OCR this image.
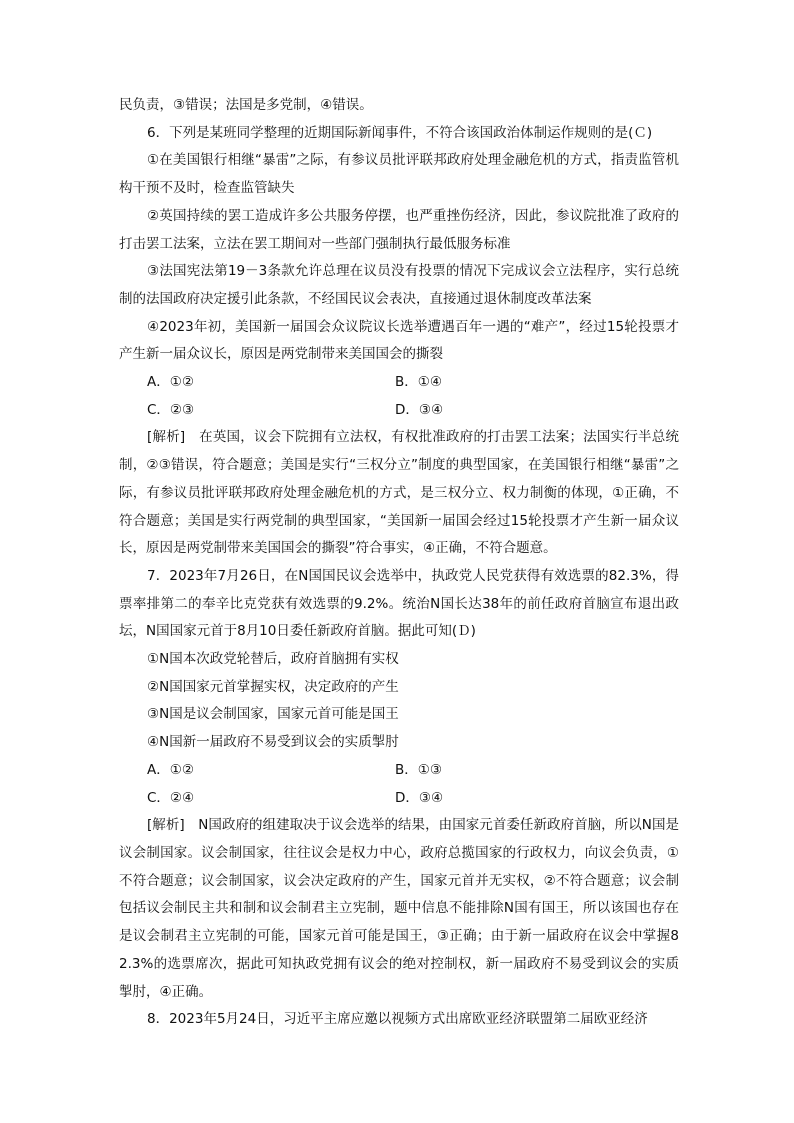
民负责，③错误；法国是多党制，④错误。

6．下列是某班同学整理的近期国际新闻事件，不符合该国政治体制运作规则的是(Ｃ)

①在美国银行相继“暴雷”之际，有参议员批评联邦政府处理金融危机的方式，指责监管机构干预不及时，检查监管缺失

②英国持续的罢工造成许多公共服务停摆，也严重挫伤经济，因此，参议院批准了政府的打击罢工法案，立法在罢工期间对一些部门强制执行最低服务标准

③法国宪法第19－3条款允许总理在议员没有投票的情况下完成议会立法程序，实行总统制的法国政府决定援引此条款，不经国民议会表决，直接通过退休制度改革法案

④2023年初，美国新一届国会众议院议长选举遭遇百年一遇的“难产”，经过15轮投票才产生新一届众议长，原因是两党制带来美国国会的撕裂

A．①②	B．①④
C．②③	D．③④

[解析]　在英国，议会下院拥有立法权，有权批准政府的打击罢工法案；法国实行半总统制，②③错误，符合题意；美国是实行“三权分立”制度的典型国家，在美国银行相继“暴雷”之际，有参议员批评联邦政府处理金融危机的方式，是三权分立、权力制衡的体现，①正确，不符合题意；美国是实行两党制的典型国家，“美国新一届国会经过15轮投票才产生新一届众议长，原因是两党制带来美国国会的撕裂”符合事实，④正确，不符合题意。

7．2023年7月26日，在N国国民议会选举中，执政党人民党获得有效选票的82.3%，得票率排第二的奉辛比克党获有效选票的9.2%。统治N国长达38年的前任政府首脑宣布退出政坛，N国国家元首于8月10日委任新政府首脑。据此可知(Ｄ)

①N国本次政党轮替后，政府首脑拥有实权

②N国国家元首掌握实权，决定政府的产生

③N国是议会制国家，国家元首可能是国王

④N国新一届政府不易受到议会的实质掣肘

A．①②	B．①③
C．②④	D．③④

[解析]　N国政府的组建取决于议会选举的结果，由国家元首委任新政府首脑，所以N国是议会制国家。议会制国家，往往议会是权力中心，政府总揽国家的行政权力，向议会负责，①不符合题意；议会制国家，议会决定政府的产生，国家元首并无实权，②不符合题意；议会制包括议会制民主共和制和议会制君主立宪制，题中信息不能排除N国有国王，所以该国也存在是议会制君主立宪制的可能，国家元首可能是国王，③正确；由于新一届政府在议会中掌握82.3%的选票席次，据此可知执政党拥有议会的绝对控制权，新一届政府不易受到议会的实质掣肘，④正确。

8．2023年5月24日，习近平主席应邀以视频方式出席欧亚经济联盟第二届欧亚经济
